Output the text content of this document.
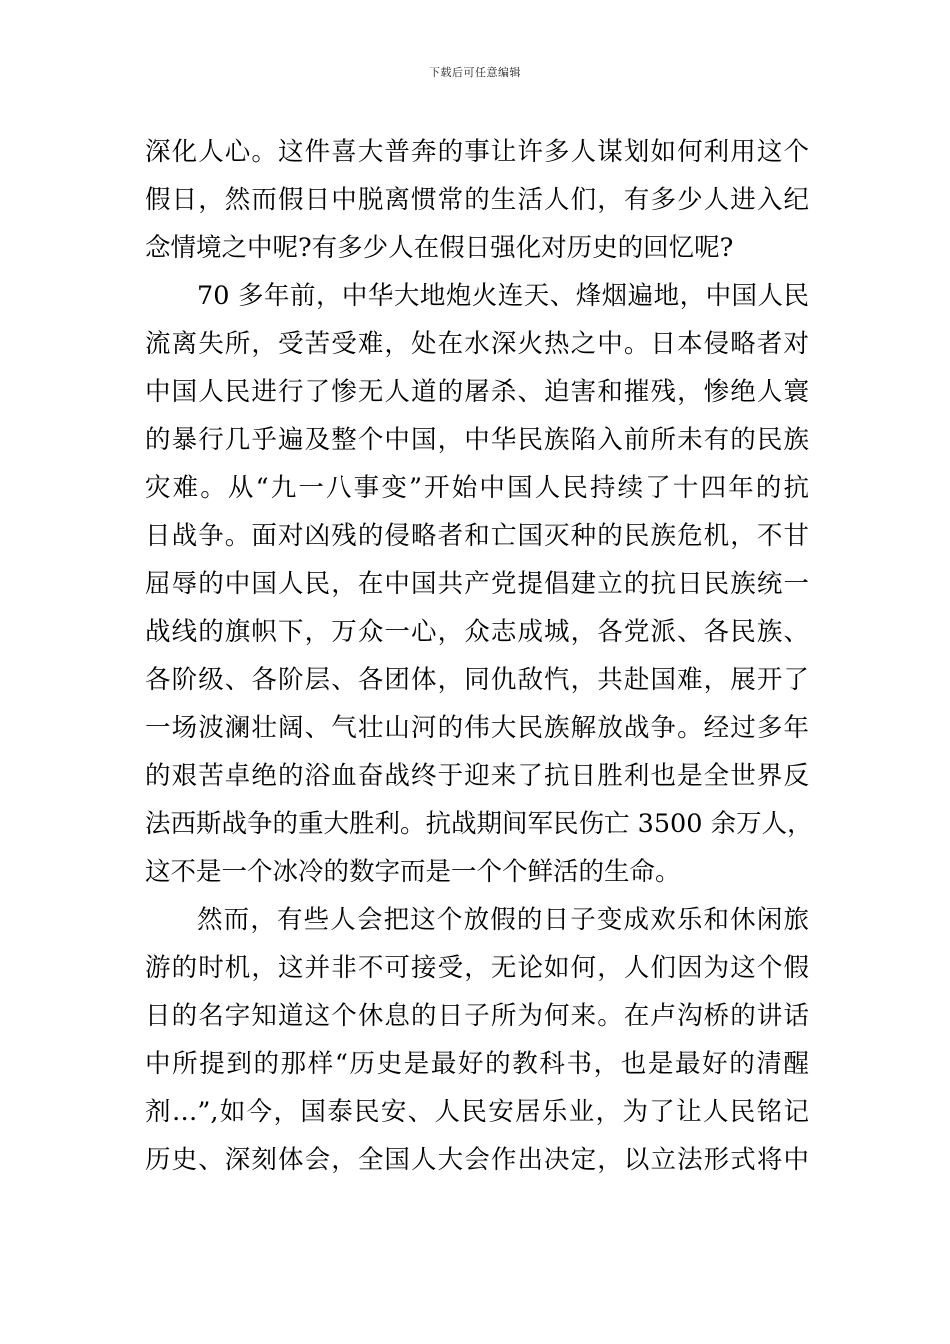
下载后可任意编辑
深化人心。这件喜大普奔的事让许多人谋划如何利用这个
假日，然而假日中脱离惯常的生活人们，有多少人进入纪
念情境之中呢?有多少人在假日强化对历史的回忆呢?
70 多年前，中华大地炮火连天、烽烟遍地，中国人民
流离失所，受苦受难，处在水深火热之中。日本侵略者对
中国人民进行了惨无人道的屠杀、迫害和摧残，惨绝人寰
的暴行几乎遍及整个中国，中华民族陷入前所未有的民族
灾难。从“九一八事变”开始中国人民持续了十四年的抗
日战争。面对凶残的侵略者和亡国灭种的民族危机，不甘
屈辱的中国人民，在中国共产党提倡建立的抗日民族统一
战线的旗帜下，万众一心，众志成城，各党派、各民族、
各阶级、各阶层、各团体，同仇敌忾，共赴国难，展开了
一场波澜壮阔、气壮山河的伟大民族解放战争。经过多年
的艰苦卓绝的浴血奋战终于迎来了抗日胜利也是全世界反
法西斯战争的重大胜利。抗战期间军民伤亡 3500 余万人，
这不是一个冰冷的数字而是一个个鲜活的生命。
然而，有些人会把这个放假的日子变成欢乐和休闲旅
游的时机，这并非不可接受，无论如何，人们因为这个假
日的名字知道这个休息的日子所为何来。在卢沟桥的讲话
中所提到的那样“历史是最好的教科书，也是最好的清醒
剂…”,如今，国泰民安、人民安居乐业，为了让人民铭记
历史、深刻体会，全国人大会作出决定，以立法形式将中
